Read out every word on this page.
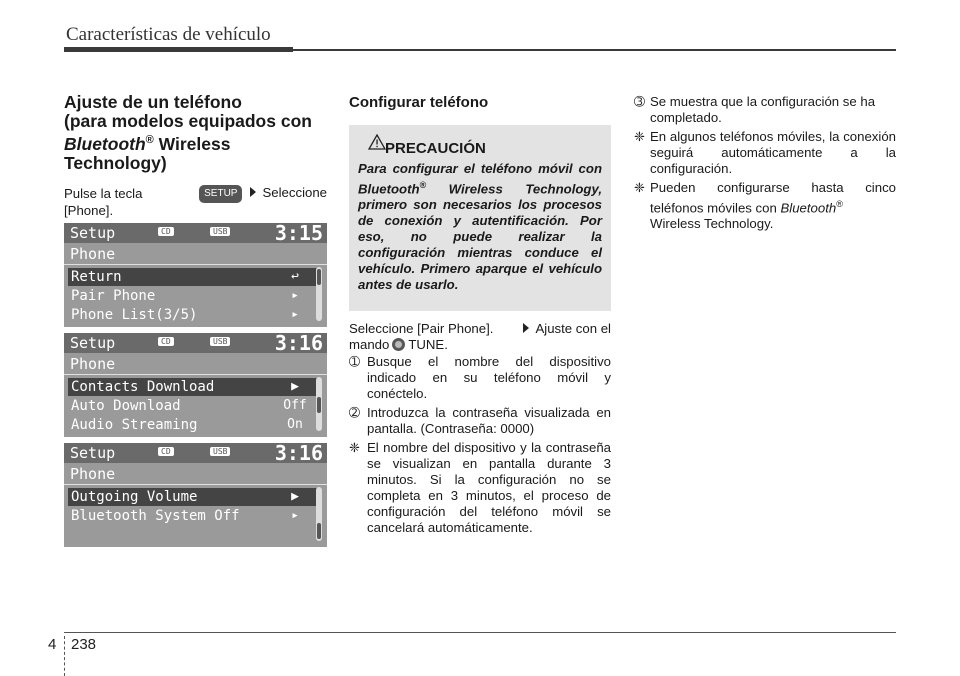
Características de vehículo
Ajuste de un teléfono
(para modelos equipados con
Bluetooth® Wireless
Technology)
Pulse la tecla	SETUP Seleccione
[Phone].
Setup	CD	USB 3:15
Phone
Return	↩
Pair Phone	▸
Phone List(3/5)	▸
Setup	CD	USB 3:16
Phone
Contacts Download	▶
Auto Download	Off
Audio Streaming	On
Setup	CD	USB 3:16
Phone
Outgoing Volume	▶
Bluetooth System Off	▸
Configurar teléfono
PRECAUCIÓN
Para configurar el teléfono móvil con Bluetooth® Wireless Technology, primero son necesarios los procesos de conexión y autentificación. Por eso, no puede realizar la configuración mientras conduce el vehículo. Primero aparque el vehículo antes de usarlo.
Seleccione [Pair Phone].	Ajuste con el
mando TUNE.
➀ Busque el nombre del dispositivo indicado en su teléfono móvil y conéctelo.
➁ Introduzca la contraseña visualizada en pantalla. (Contraseña: 0000)
❈ El nombre del dispositivo y la contraseña se visualizan en pantalla durante 3 minutos. Si la configuración no se completa en 3 minutos, el proceso de configuración del teléfono móvil se cancelará automáticamente.
➂ Se muestra que la configuración se ha completado.
❈ En algunos teléfonos móviles, la conexión seguirá automáticamente a la configuración.
❈ Pueden configurarse hasta cinco teléfonos móviles con Bluetooth®
Wireless Technology.
4 238
